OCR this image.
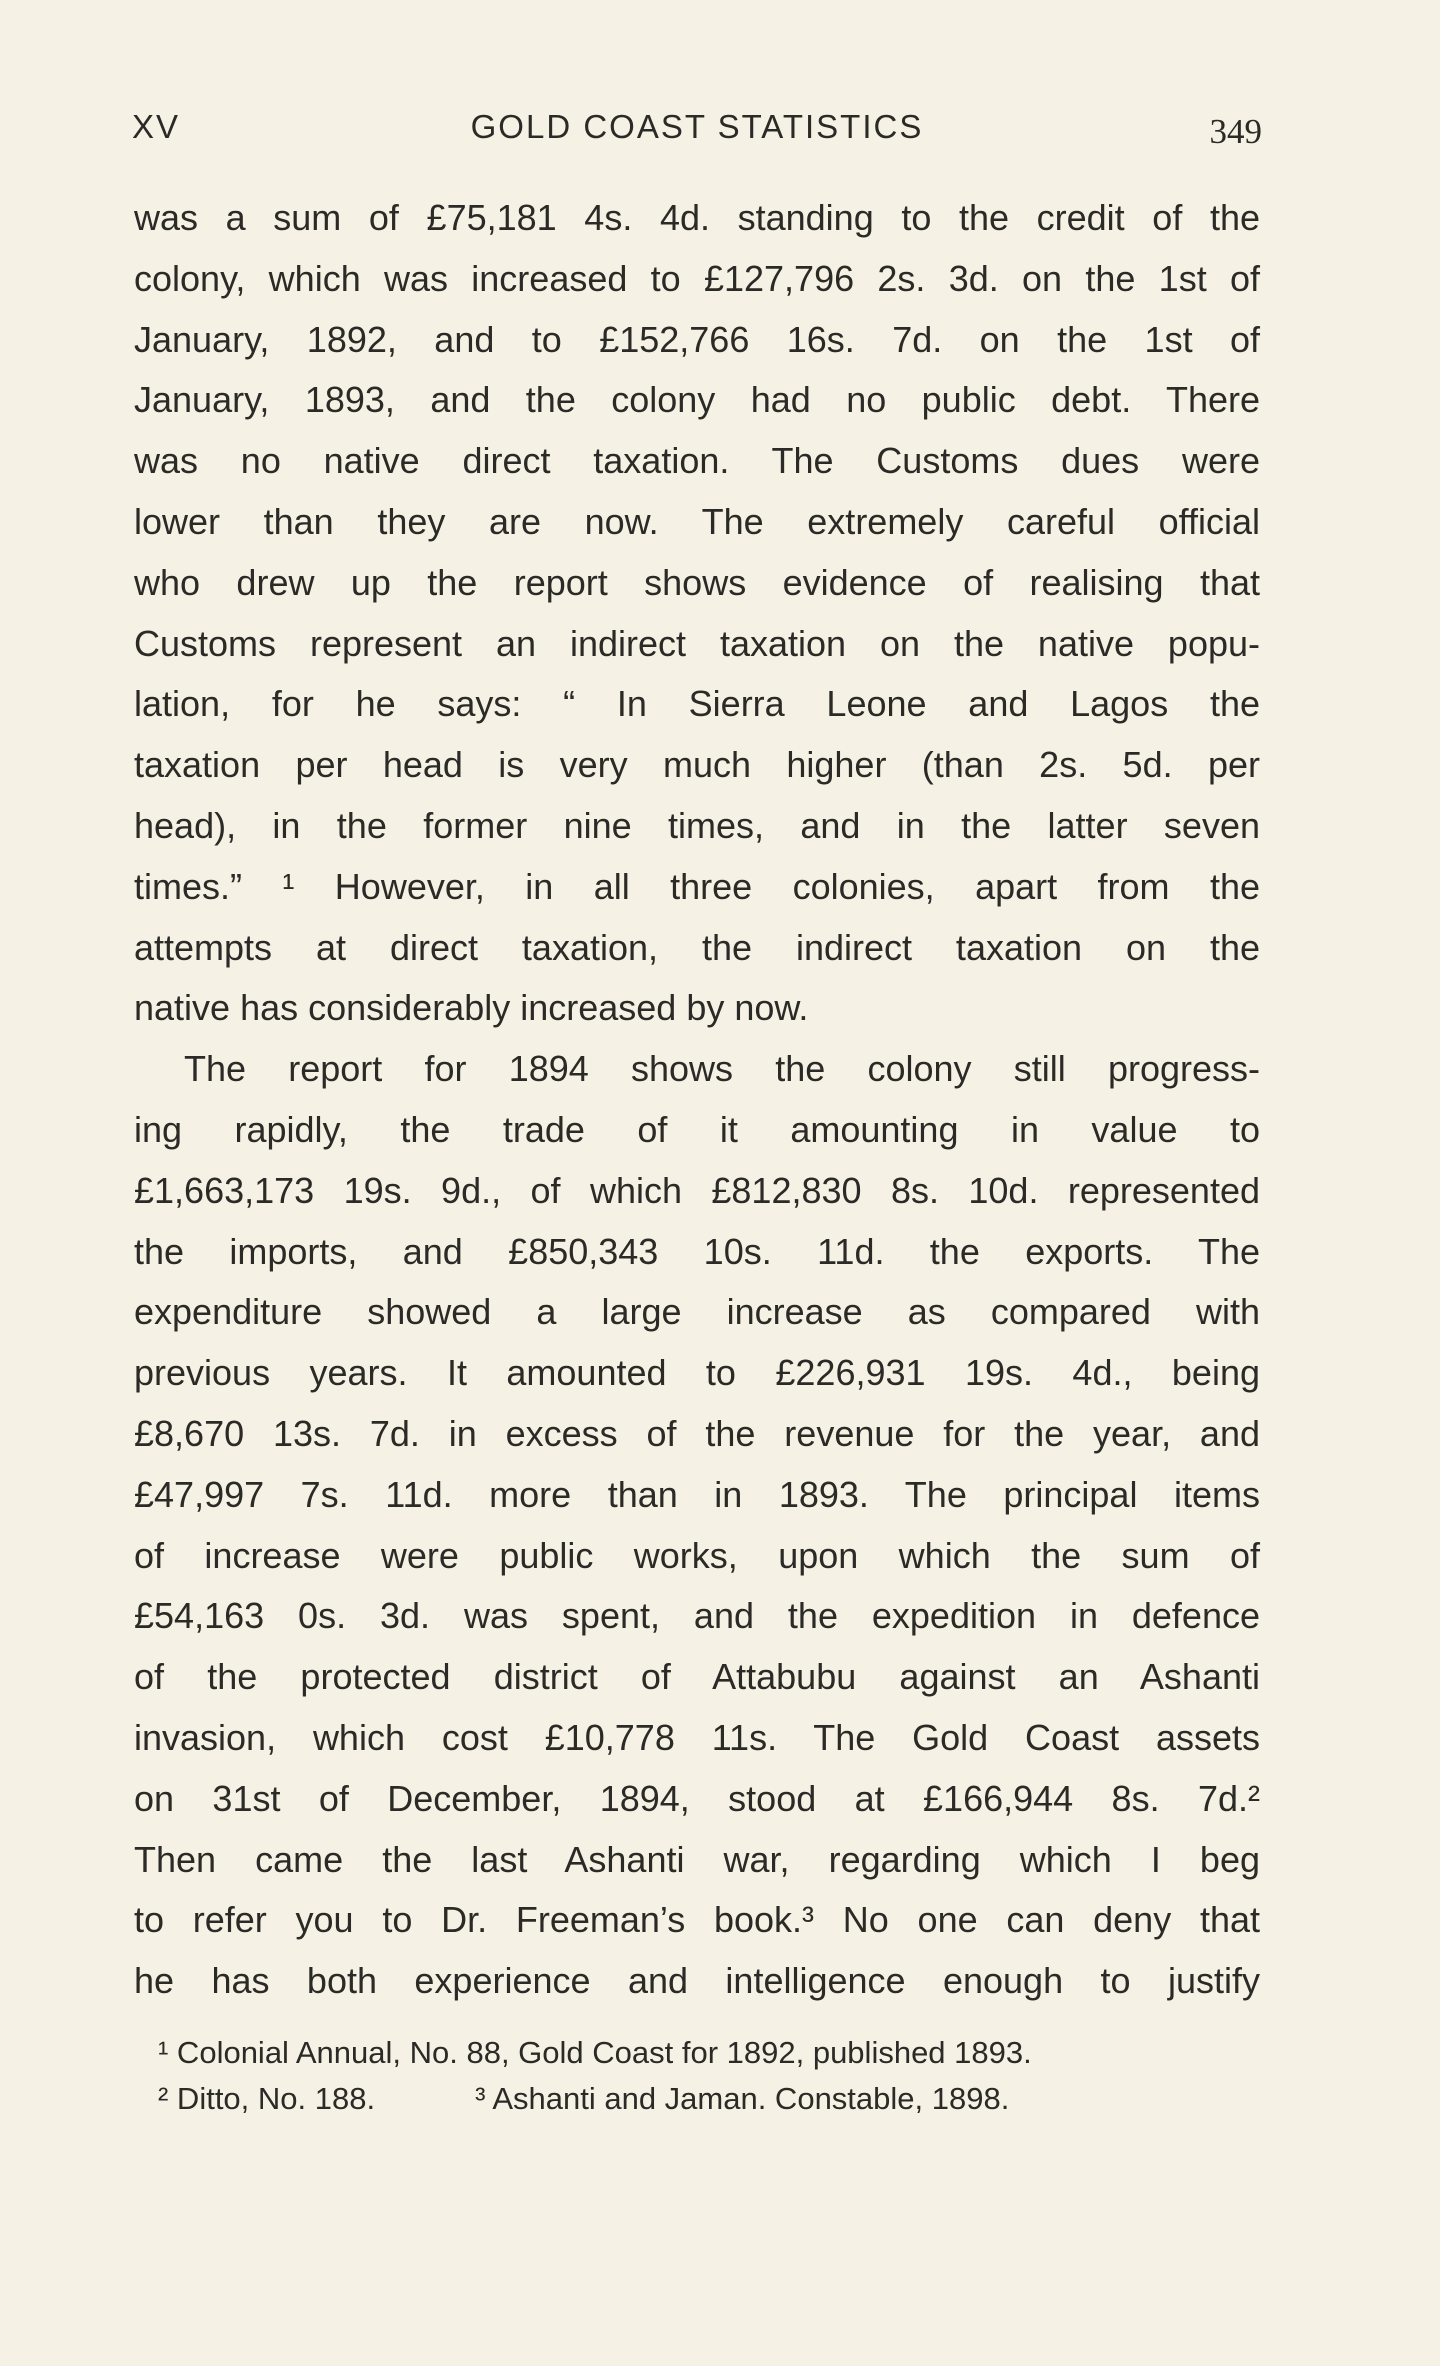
XV	GOLD COAST STATISTICS	349
was a sum of £75,181 4s. 4d. standing to the credit of the
colony, which was increased to £127,796 2s. 3d. on the 1st of
January, 1892, and to £152,766 16s. 7d. on the 1st of
January, 1893, and the colony had no public debt. There
was no native direct taxation. The Customs dues were
lower than they are now. The extremely careful official
who drew up the report shows evidence of realising that
Customs represent an indirect taxation on the native popu-
lation, for he says: “ In Sierra Leone and Lagos the
taxation per head is very much higher (than 2s. 5d. per
head), in the former nine times, and in the latter seven
times.” ¹ However, in all three colonies, apart from the
attempts at direct taxation, the indirect taxation on the
native has considerably increased by now.
The report for 1894 shows the colony still progress-
ing rapidly, the trade of it amounting in value to
£1,663,173 19s. 9d., of which £812,830 8s. 10d. represented
the imports, and £850,343 10s. 11d. the exports. The
expenditure showed a large increase as compared with
previous years. It amounted to £226,931 19s. 4d., being
£8,670 13s. 7d. in excess of the revenue for the year, and
£47,997 7s. 11d. more than in 1893. The principal items
of increase were public works, upon which the sum of
£54,163 0s. 3d. was spent, and the expedition in defence
of the protected district of Attabubu against an Ashanti
invasion, which cost £10,778 11s. The Gold Coast assets
on 31st of December, 1894, stood at £166,944 8s. 7d.²
Then came the last Ashanti war, regarding which I beg
to refer you to Dr. Freeman’s book.³ No one can deny that
he has both experience and intelligence enough to justify
¹ Colonial Annual, No. 88, Gold Coast for 1892, published 1893.
² Ditto, No. 188.	³ Ashanti and Jaman. Constable, 1898.
